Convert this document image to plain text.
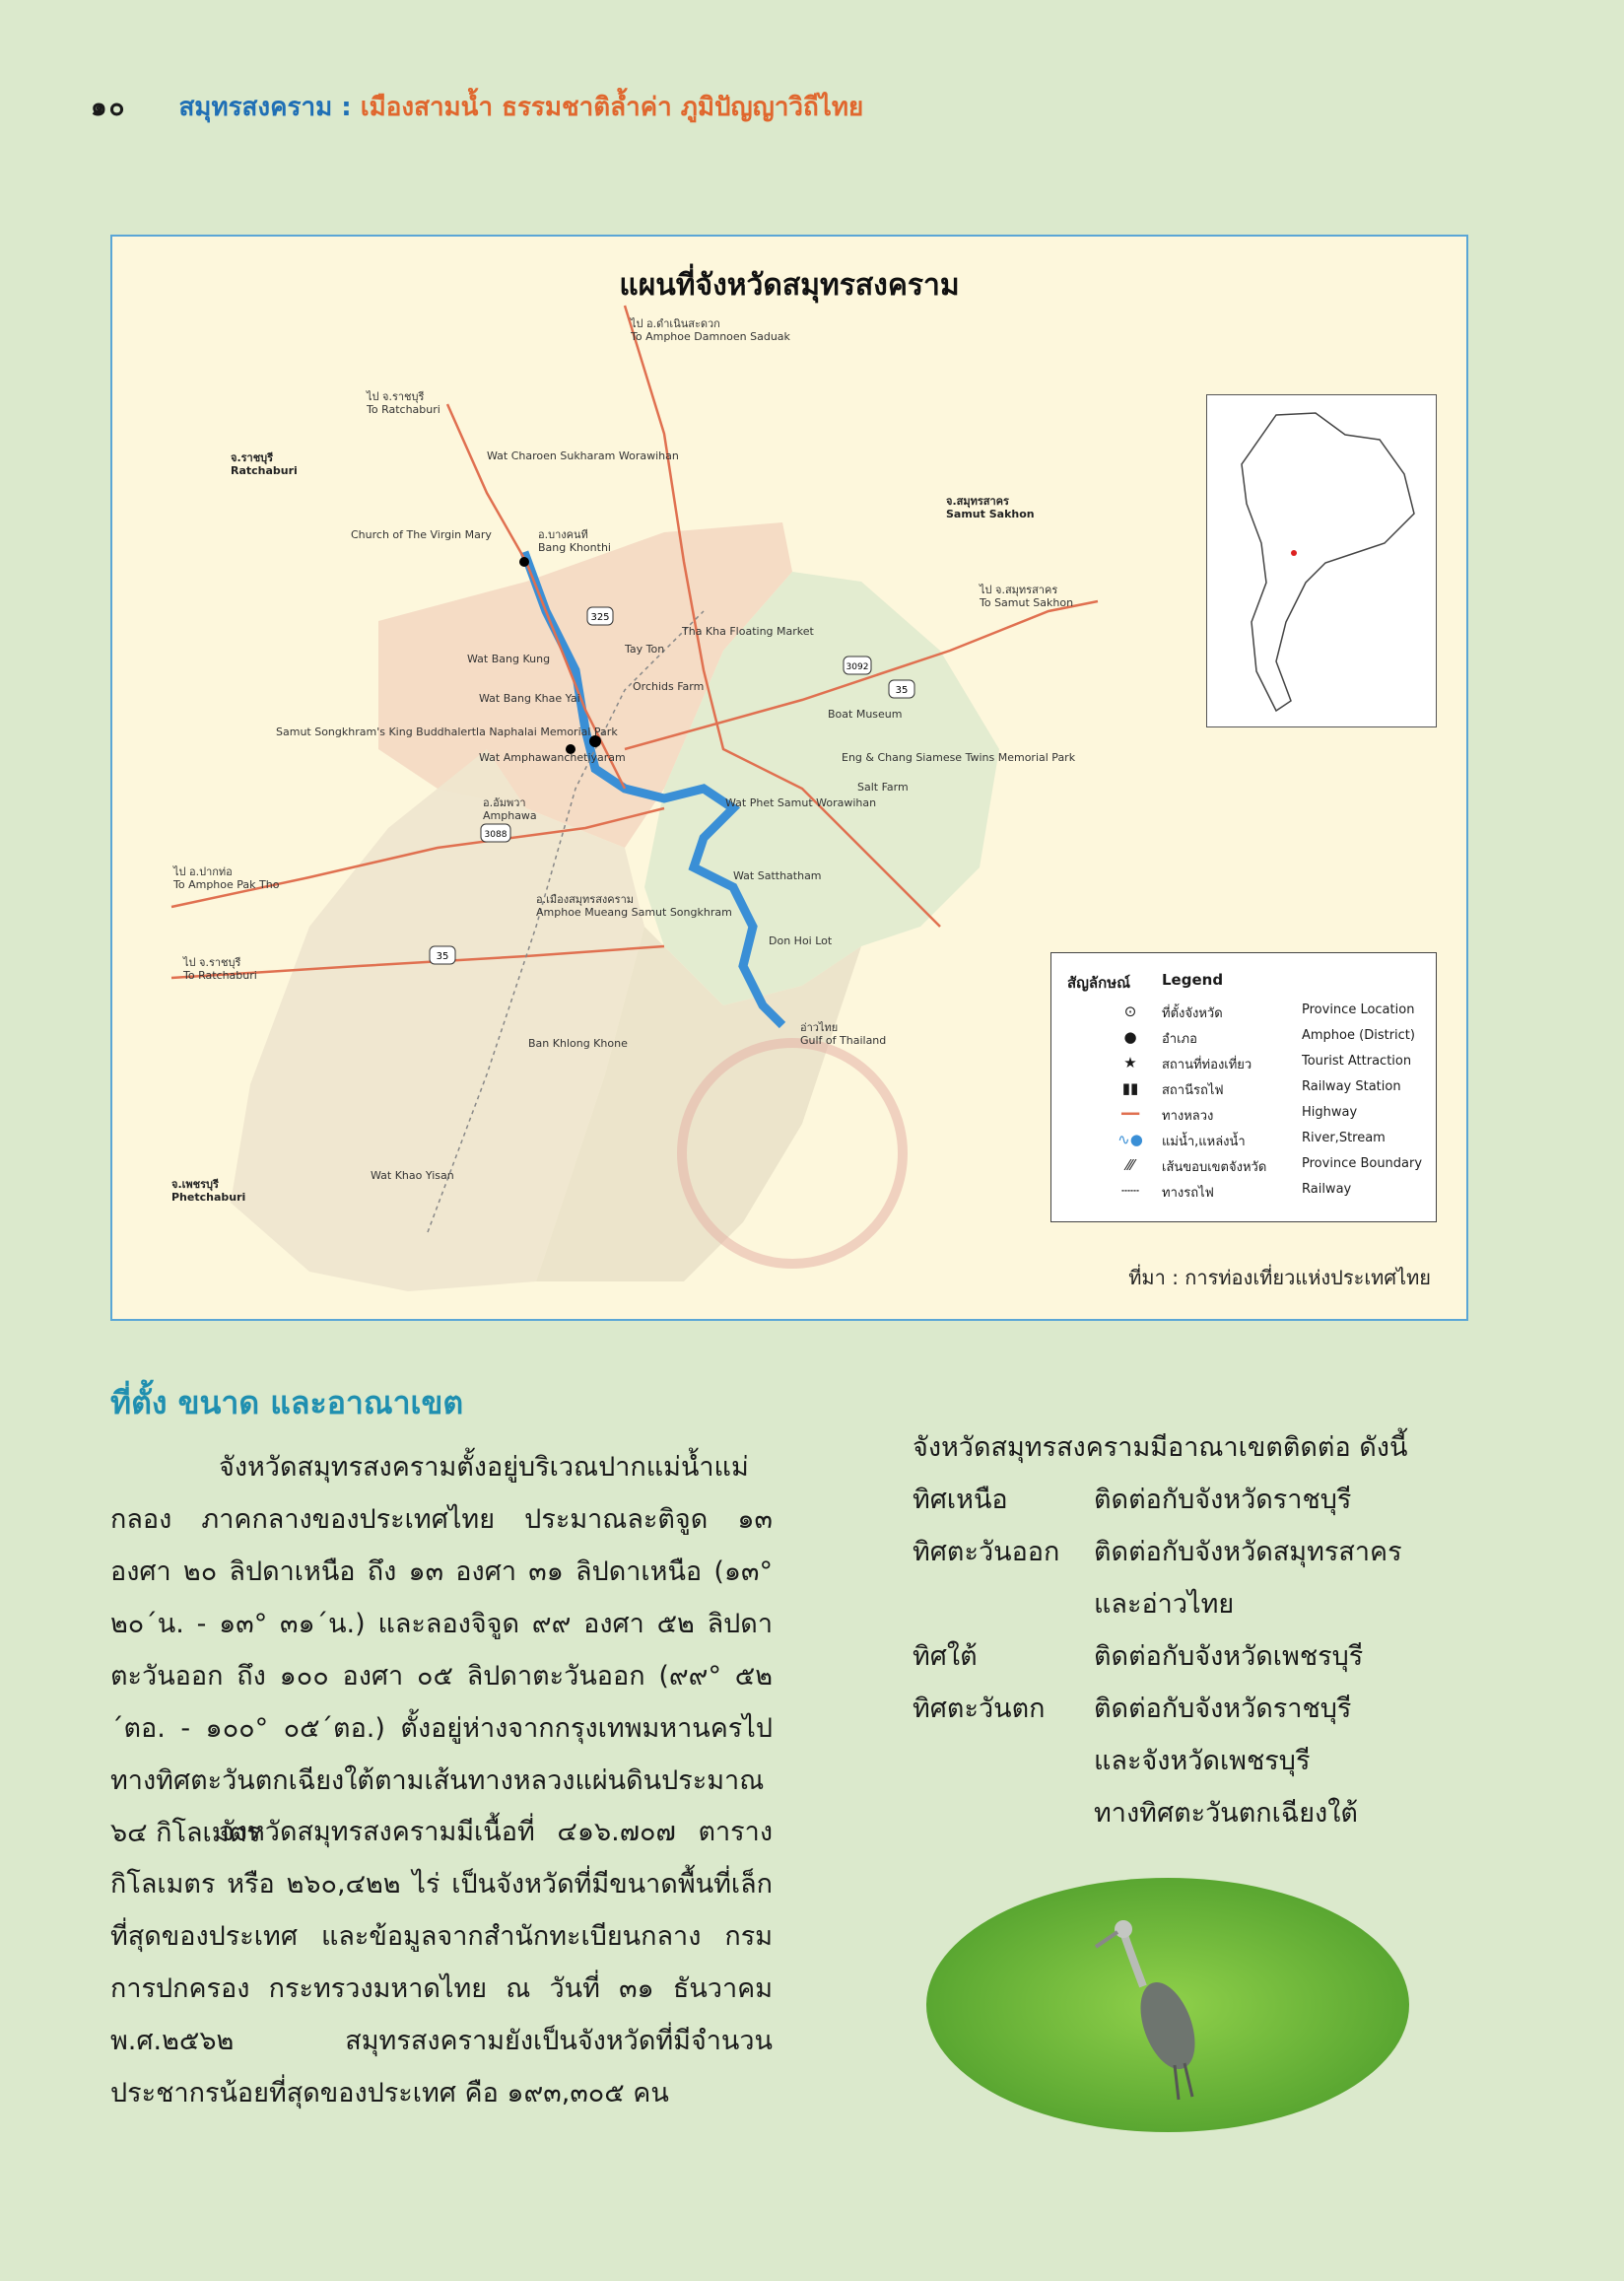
๑๐ สมุทรสงคราม : เมืองสามน้ำ ธรรมชาติล้ำค่า ภูมิปัญญาวิถีไทย
325
3092
35
3088
35
แผนที่จังหวัดสมุทรสงคราม
จ.ราชบุรี
Ratchaburi
จ.สมุทรสาคร
Samut Sakhon
จ.เพชรบุรี
Phetchaburi
ไป อ.ดำเนินสะดวก
To Amphoe Damnoen Saduak
ไป จ.ราชบุรี
To Ratchaburi
ไป จ.สมุทรสาคร
To Samut Sakhon
ไป อ.ปากท่อ
To Amphoe Pak Tho
ไป จ.ราชบุรี
To Ratchaburi
อ.บางคนที
Bang Khonthi
อ.อัมพวา
Amphawa
อ.เมืองสมุทรสงคราม
Amphoe Mueang Samut Songkhram
อ่าวไทย
Gulf of Thailand
Wat Charoen Sukharam Worawihan
Church of The Virgin Mary
Tha Kha Floating Market
Wat Bang Kung
Wat Bang Khae Yai
Samut Songkhram's King Buddhalertla Naphalai Memorial Park
Wat Amphawanchetiyaram
Don Hoi Lot
Wat Satthatham
Wat Phet Samut Worawihan
Ban Khlong Khone
Wat Khao Yisan
Eng & Chang Siamese Twins Memorial Park
Salt Farm
Orchids Farm
Boat Museum
Tay Ton
สัญลักษณ์ Legend
⊙	ที่ตั้งจังหวัด	Province Location
●	อำเภอ	Amphoe (District)
★	สถานที่ท่องเที่ยว	Tourist Attraction
▮▮	สถานีรถไฟ	Railway Station
━━	ทางหลวง	Highway
∿●	แม่น้ำ,แหล่งน้ำ	River,Stream
⁄⁄⁄	เส้นขอบเขตจังหวัด	Province Boundary
┄┄	ทางรถไฟ	Railway
ที่มา : การท่องเที่ยวแห่งประเทศไทย
ที่ตั้ง ขนาด และอาณาเขต
จังหวัดสมุทรสงครามตั้งอยู่บริเวณปากแม่น้ำแม่กลอง ภาคกลางของประเทศไทย ประมาณละติจูด ๑๓ องศา ๒๐ ลิปดาเหนือ ถึง ๑๓ องศา ๓๑ ลิปดาเหนือ (๑๓° ๒๐´น. - ๑๓° ๓๑´น.) และลองจิจูด ๙๙ องศา ๕๒ ลิปดาตะวันออก ถึง ๑๐๐ องศา ๐๕ ลิปดาตะวันออก (๙๙° ๕๒´ตอ. - ๑๐๐° ๐๕´ตอ.) ตั้งอยู่ห่างจากกรุงเทพมหานครไปทางทิศตะวันตกเฉียงใต้ตามเส้นทางหลวงแผ่นดินประมาณ ๖๔ กิโลเมตร
จังหวัดสมุทรสงครามมีเนื้อที่ ๔๑๖.๗๐๗ ตารางกิโลเมตร หรือ ๒๖๐,๔๒๒ ไร่ เป็นจังหวัดที่มีขนาดพื้นที่เล็กที่สุดของประเทศ และข้อมูลจากสำนักทะเบียนกลาง กรมการปกครอง กระทรวงมหาดไทย ณ วันที่ ๓๑ ธันวาคม พ.ศ.๒๕๖๒ สมุทรสงครามยังเป็นจังหวัดที่มีจำนวนประชากรน้อยที่สุดของประเทศ คือ ๑๙๓,๓๐๕ คน
จังหวัดสมุทรสงครามมีอาณาเขตติดต่อ ดังนี้
ทิศเหนือ	ติดต่อกับจังหวัดราชบุรี
ทิศตะวันออก ติดต่อกับจังหวัดสมุทรสาคร
และอ่าวไทย
ทิศใต้	ติดต่อกับจังหวัดเพชรบุรี
ทิศตะวันตก ติดต่อกับจังหวัดราชบุรี
และจังหวัดเพชรบุรี
ทางทิศตะวันตกเฉียงใต้
